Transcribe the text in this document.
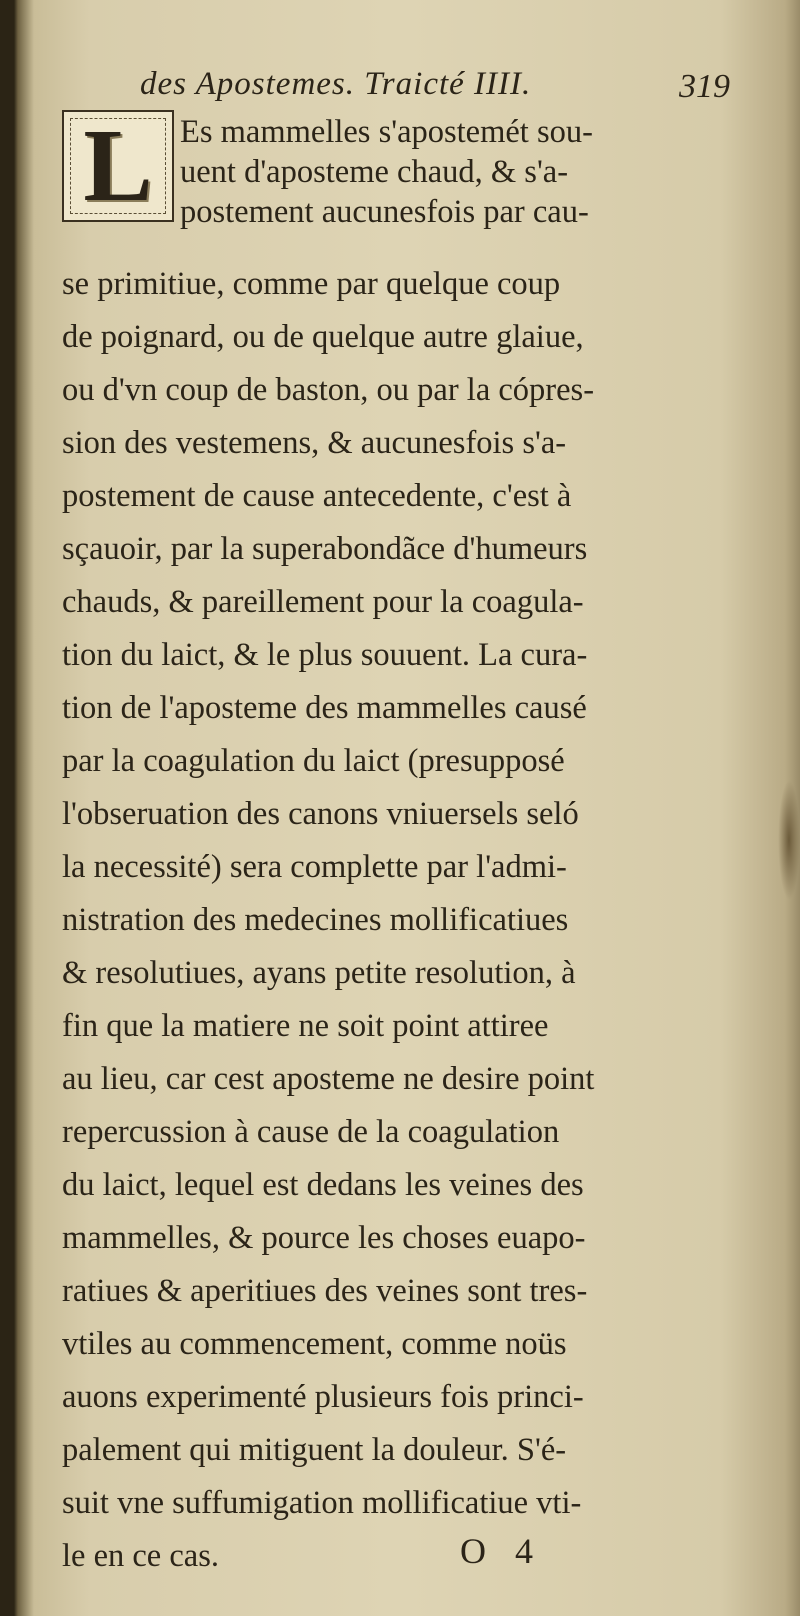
des Apostemes. Traicté IIII.	319
L Es mammelles s'apostemét sou-
uent d'aposteme chaud, & s'a-
postement aucunesfois par cau-
se primitiue, comme par quelque coup
de poignard, ou de quelque autre glaiue,
ou d'vn coup de baston, ou par la cópres-
sion des vestemens, & aucunesfois s'a-
postement de cause antecedente, c'est à
sçauoir, par la superabondãce d'humeurs
chauds, & pareillement pour la coagula-
tion du laict, & le plus souuent. La cura-
tion de l'aposteme des mammelles causé
par la coagulation du laict (presupposé
l'obseruation des canons vniuersels seló
la necessité) sera complette par l'admi-
nistration des medecines mollificatiues
& resolutiues, ayans petite resolution, à
fin que la matiere ne soit point attiree
au lieu, car cest aposteme ne desire point
repercussion à cause de la coagulation
du laict, lequel est dedans les veines des
mammelles, & pource les choses euapo-
ratiues & aperitiues des veines sont tres-
vtiles au commencement, comme noüs
auons experimenté plusieurs fois princi-
palement qui mitiguent la douleur. S'é-
suit vne suffumigation mollificatiue vti-
le en ce cas.	O 4
